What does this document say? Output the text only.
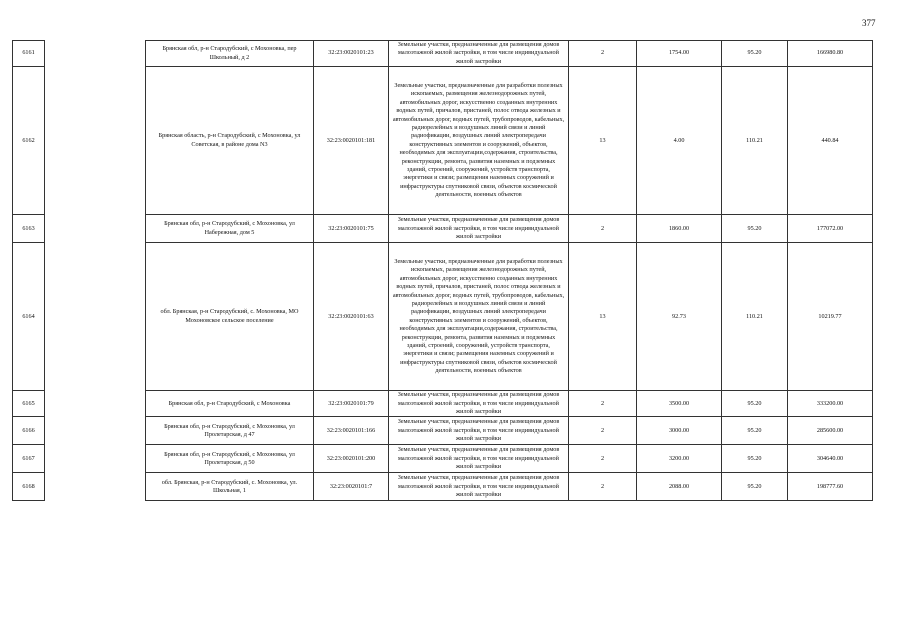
377
6161		Брянская обл, р-н Стародубский, с Мохоновка, пер Школьный, д 2	32:23:0020101:23	Земельные участки, предназначенные для размещения домов малоэтажной жилой застройки, в том числе индивидуальной жилой застройки	2	1754.00	95.20	166980.80
6162		Брянская область, р-н Стародубский, с Мохоновка, ул Советская, в районе дома N3	32:23:0020101:181	Земельные участки, предназначенные для разработки полезных ископаемых, размещения железнодорожных путей, автомобильных дорог, искусственно созданных внутренних водных путей, причалов, пристаней, полос отвода железных и автомобильных дорог, водных путей, трубопроводов, кабельных, радиорелейных и воздушных линий связи и линий радиофикации, воздушных линий электропередачи конструктивных элементов и сооружений, объектов, необходимых для эксплуатации,содержания, строительства, реконструкции, ремонта, развития наземных и подземных зданий, строений, сооружений, устройств транспорта, энергетики и связи; размещения наземных сооружений и инфраструктуры спутниковой связи, объектов космической деятельности, военных объектов	13	4.00	110.21	440.84
6163		Брянская обл, р-н Стародубский, с Мохоновка, ул Набережная, дом 5	32:23:0020101:75	Земельные участки, предназначенные для размещения домов малоэтажной жилой застройки, в том числе индивидуальной жилой застройки	2	1860.00	95.20	177072.00
6164		обл. Брянская, р-н Стародубский, с. Мохоновка, МО Мохоновское сельское поселение	32:23:0020101:63	Земельные участки, предназначенные для разработки полезных ископаемых, размещения железнодорожных путей, автомобильных дорог, искусственно созданных внутренних водных путей, причалов, пристаней, полос отвода железных и автомобильных дорог, водных путей, трубопроводов, кабельных, радиорелейных и воздушных линий связи и линий радиофикации, воздушных линий электропередачи конструктивных элементов и сооружений, объектов, необходимых для эксплуатации,содержания, строительства, реконструкции, ремонта, развития наземных и подземных зданий, строений, сооружений, устройств транспорта, энергетики и связи; размещения наземных сооружений и инфраструктуры спутниковой связи, объектов космической деятельности, военных объектов	13	92.73	110.21	10219.77
6165		Брянская обл, р-н Стародубский, с Мохоновка	32:23:0020101:79	Земельные участки, предназначенные для размещения домов малоэтажной жилой застройки, в том числе индивидуальной жилой застройки	2	3500.00	95.20	333200.00
6166		Брянская обл, р-н Стародубский, с Мохоновка, ул Пролетарская, д 47	32:23:0020101:166	Земельные участки, предназначенные для размещения домов малоэтажной жилой застройки, в том числе индивидуальной жилой застройки	2	3000.00	95.20	285600.00
6167		Брянская обл, р-н Стародубский, с Мохоновка, ул Пролетарская, д 50	32:23:0020101:200	Земельные участки, предназначенные для размещения домов малоэтажной жилой застройки, в том числе индивидуальной жилой застройки	2	3200.00	95.20	304640.00
6168		обл. Брянская, р-н Стародубский, с. Мохоновка, ул. Школьная, 1	32:23:0020101:7	Земельные участки, предназначенные для размещения домов малоэтажной жилой застройки, в том числе индивидуальной жилой застройки	2	2088.00	95.20	198777.60
